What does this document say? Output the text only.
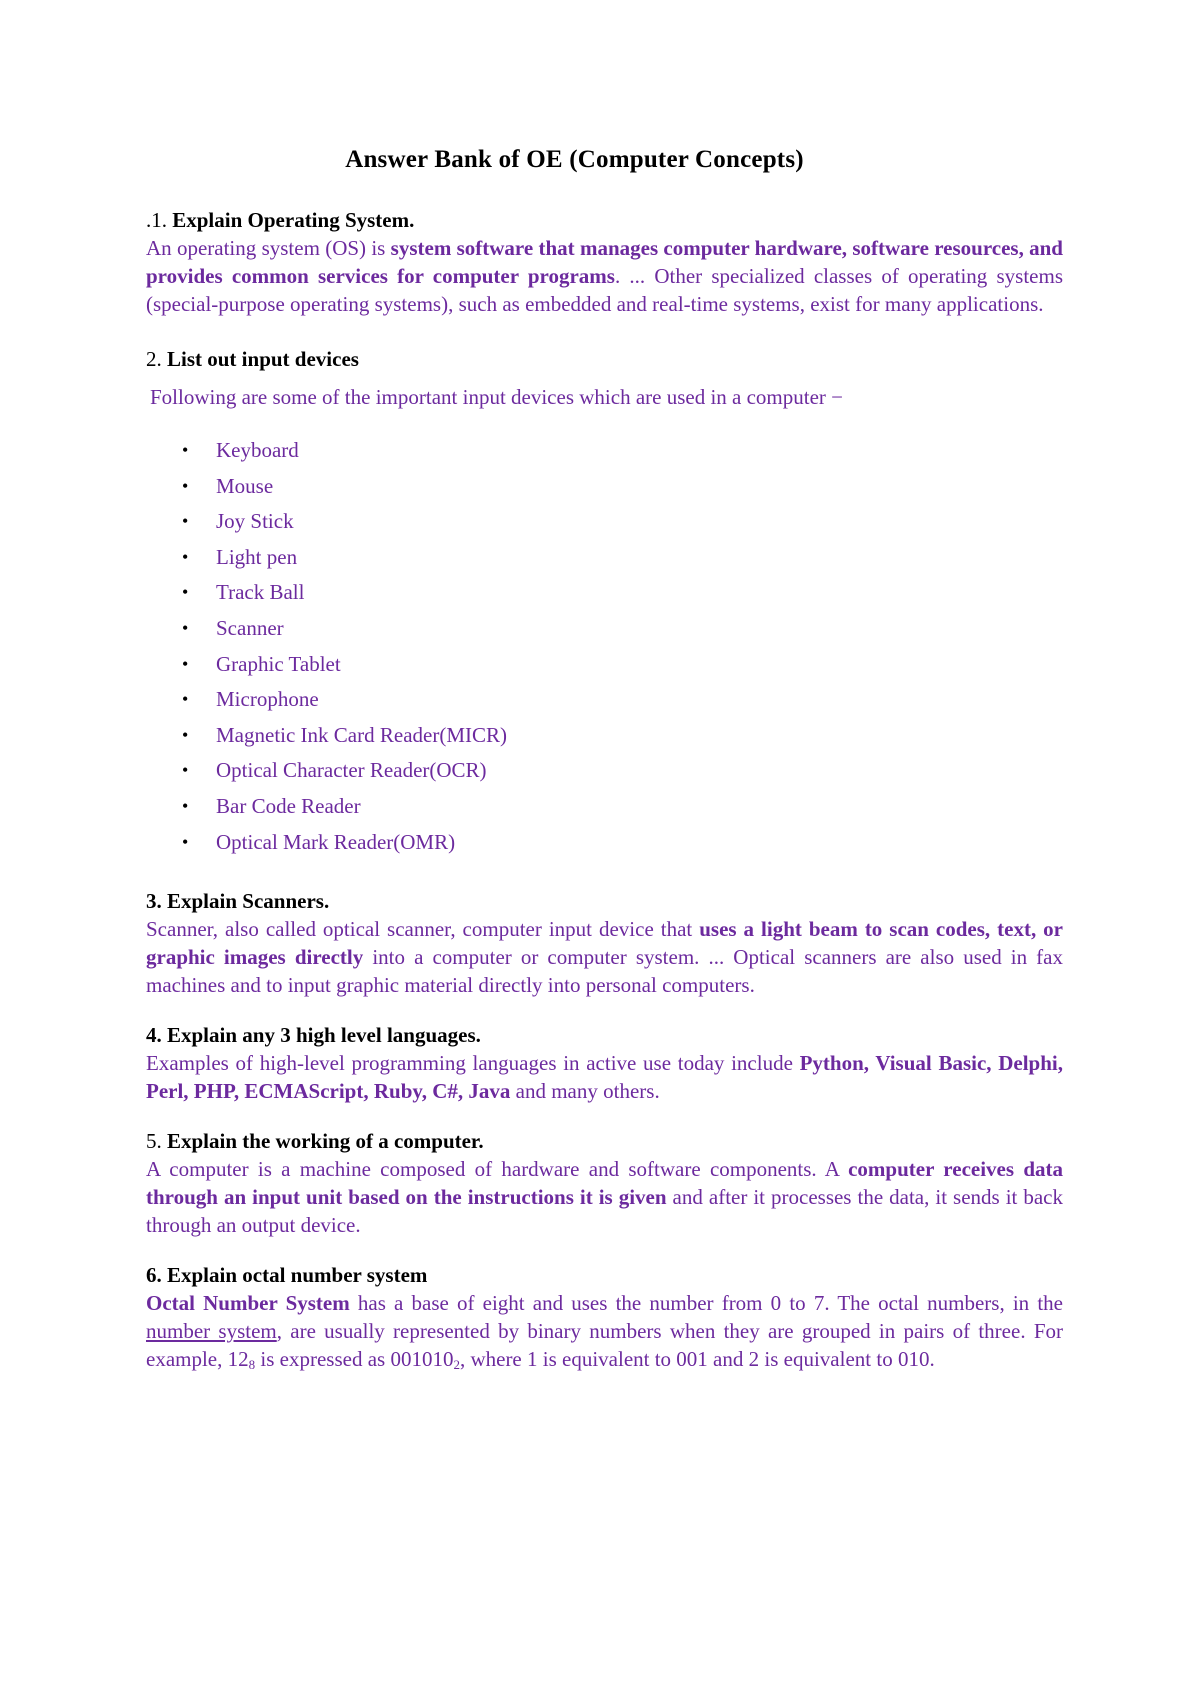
Answer Bank of OE (Computer Concepts)

.1. Explain Operating System.

An operating system (OS) is system software that manages computer hardware, software resources, and provides common services for computer programs. ... Other specialized classes of operating systems (special-purpose operating systems), such as embedded and real-time systems, exist for many applications.

2. List out input devices

Following are some of the important input devices which are used in a computer −

• Keyboard
• Mouse
• Joy Stick
• Light pen
• Track Ball
• Scanner
• Graphic Tablet
• Microphone
• Magnetic Ink Card Reader(MICR)
• Optical Character Reader(OCR)
• Bar Code Reader
• Optical Mark Reader(OMR)

3. Explain Scanners.

Scanner, also called optical scanner, computer input device that uses a light beam to scan codes, text, or graphic images directly into a computer or computer system. ... Optical scanners are also used in fax machines and to input graphic material directly into personal computers.

4. Explain any 3 high level languages.

Examples of high-level programming languages in active use today include Python, Visual Basic, Delphi, Perl, PHP, ECMAScript, Ruby, C#, Java and many others.

5. Explain the working of a computer.

A computer is a machine composed of hardware and software components. A computer receives data through an input unit based on the instructions it is given and after it processes the data, it sends it back through an output device.

6. Explain octal number system

Octal Number System has a base of eight and uses the number from 0 to 7. The octal numbers, in the number system, are usually represented by binary numbers when they are grouped in pairs of three. For example, $12_8$ is expressed as $001010_2$, where 1 is equivalent to 001 and 2 is equivalent to 010.
